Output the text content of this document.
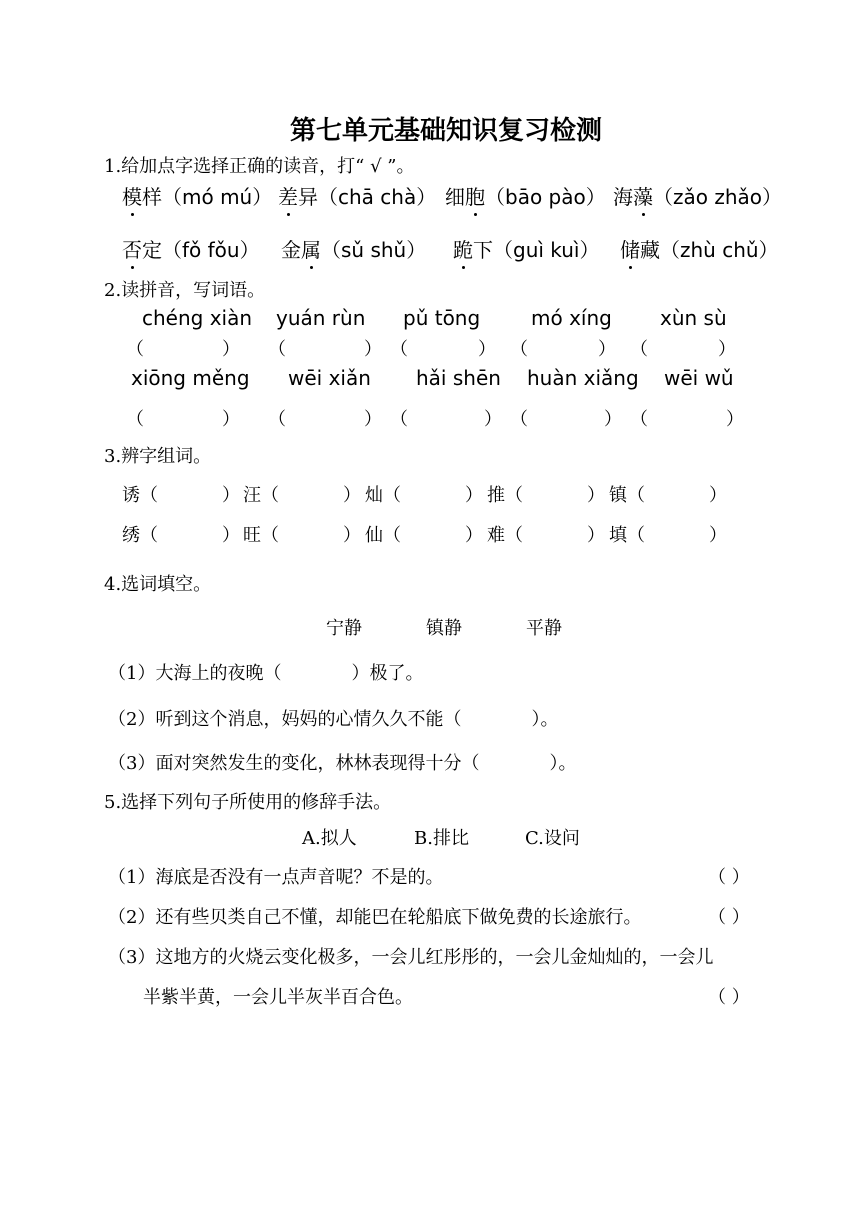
第七单元基础知识复习检测
1.给加点字选择正确的读音，打“ √ ”。
模样（mó mú） 差异（chā chà） 细胞（bāo pào） 海藻（zǎo zhǎo）
否定（fǒ fǒu） 金属（sǔ shǔ） 跪下（guì kuì） 储藏（zhù chǔ）
2.读拼音，写词语。
chéng xiàn yuán rùn pǔ tōng	mó xíng xùn sù
（	） （	） （	） （	） （	）
xiōng měng wēi xiǎn hǎi shēn huàn xiǎng wēi wǔ
（	） （	） （	） （	） （	）
3.辨字组词。
诱（	） 汪（	） 灿（	） 推（	） 镇（	）
绣（	） 旺（	） 仙（	） 难（	） 填（	）
4.选词填空。
宁静	镇静	平静
（1）大海上的夜晚（	）极了。
（2）听到这个消息，妈妈的心情久久不能（	）。
（3）面对突然发生的变化，林林表现得十分（	）。
5.选择下列句子所使用的修辞手法。
A.拟人	B.排比	C.设问
（1）海底是否没有一点声音呢？不是的。	（ ）
（2）还有些贝类自己不懂，却能巴在轮船底下做免费的长途旅行。	（ ）
（3）这地方的火烧云变化极多，一会儿红彤彤的，一会儿金灿灿的，一会儿
半紫半黄，一会儿半灰半百合色。	（ ）
